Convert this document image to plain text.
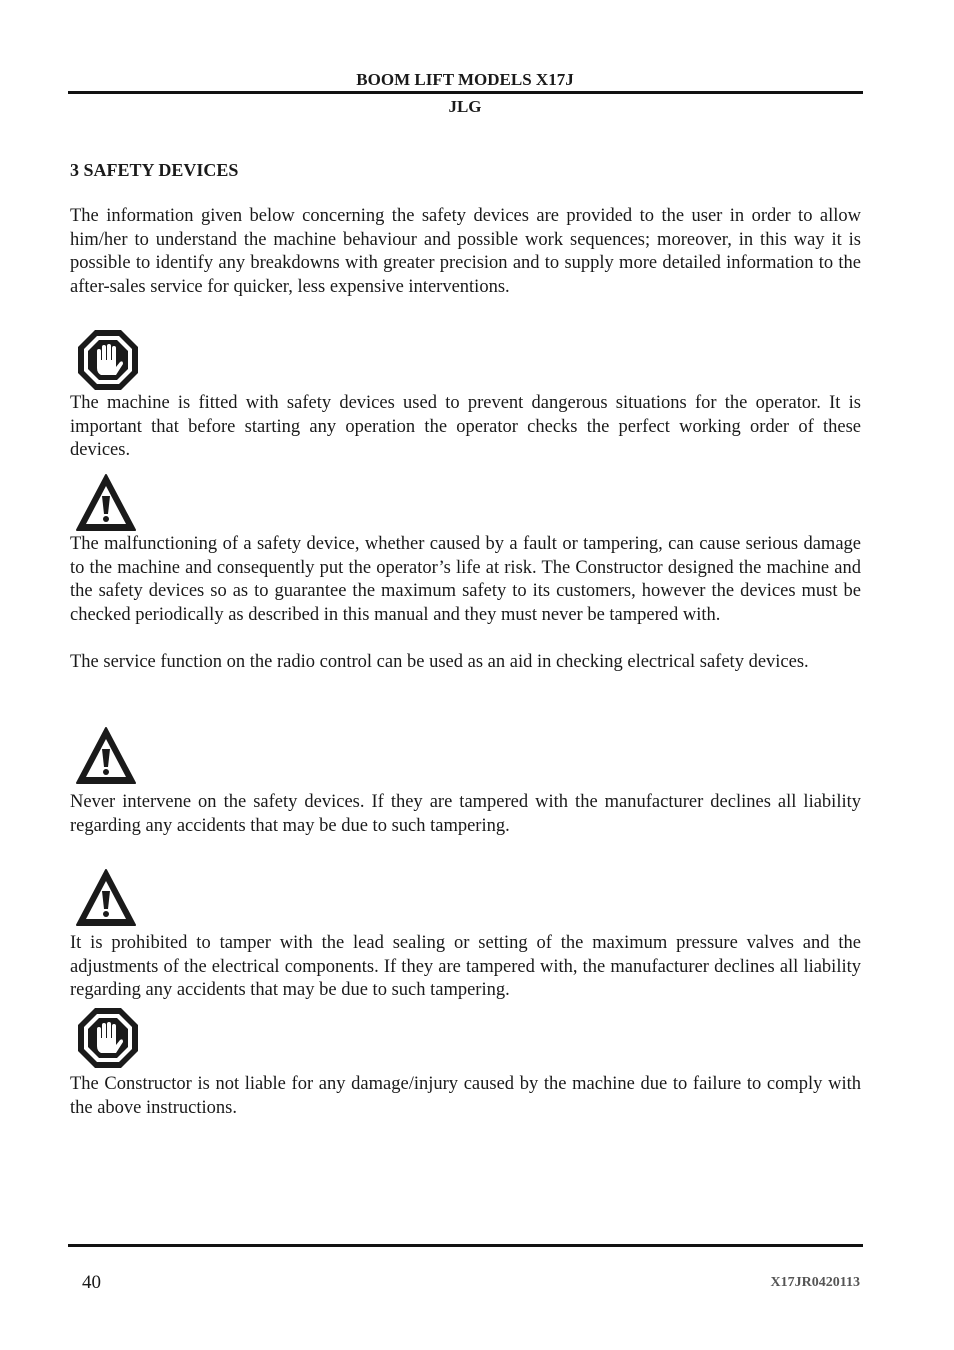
BOOM LIFT MODELS X17J
JLG
3 SAFETY DEVICES

The information given below concerning the safety devices are provided to the user in order to allow him/her to understand the machine behaviour and possible work sequences; moreover, in this way it is possible to identify any breakdowns with greater precision and to supply more detailed information to the after-sales service for quicker, less expensive interventions.

The machine is fitted with safety devices used to prevent dangerous situations for the operator. It is important that before starting any operation the operator checks the perfect working order of these devices.

The malfunctioning of a safety device, whether caused by a fault or tampering, can cause serious damage to the machine and consequently put the operator’s life at risk. The Constructor designed the machine and the safety devices so as to guarantee the maximum safety to its customers, however the devices must be checked periodically as described in this manual and they must never be tampered with.

The service function on the radio control can be used as an aid in checking electrical safety devices.

Never intervene on the safety devices. If they are tampered with the manufacturer declines all liability regarding any accidents that may be due to such tampering.

It is prohibited to tamper with the lead sealing or setting of the maximum pressure valves and the adjustments of the electrical components. If they are tampered with, the manufacturer declines all liability regarding any accidents that may be due to such tampering.

The Constructor is not liable for any damage/injury caused by the machine due to failure to comply with the above instructions.

40	X17JR0420113
